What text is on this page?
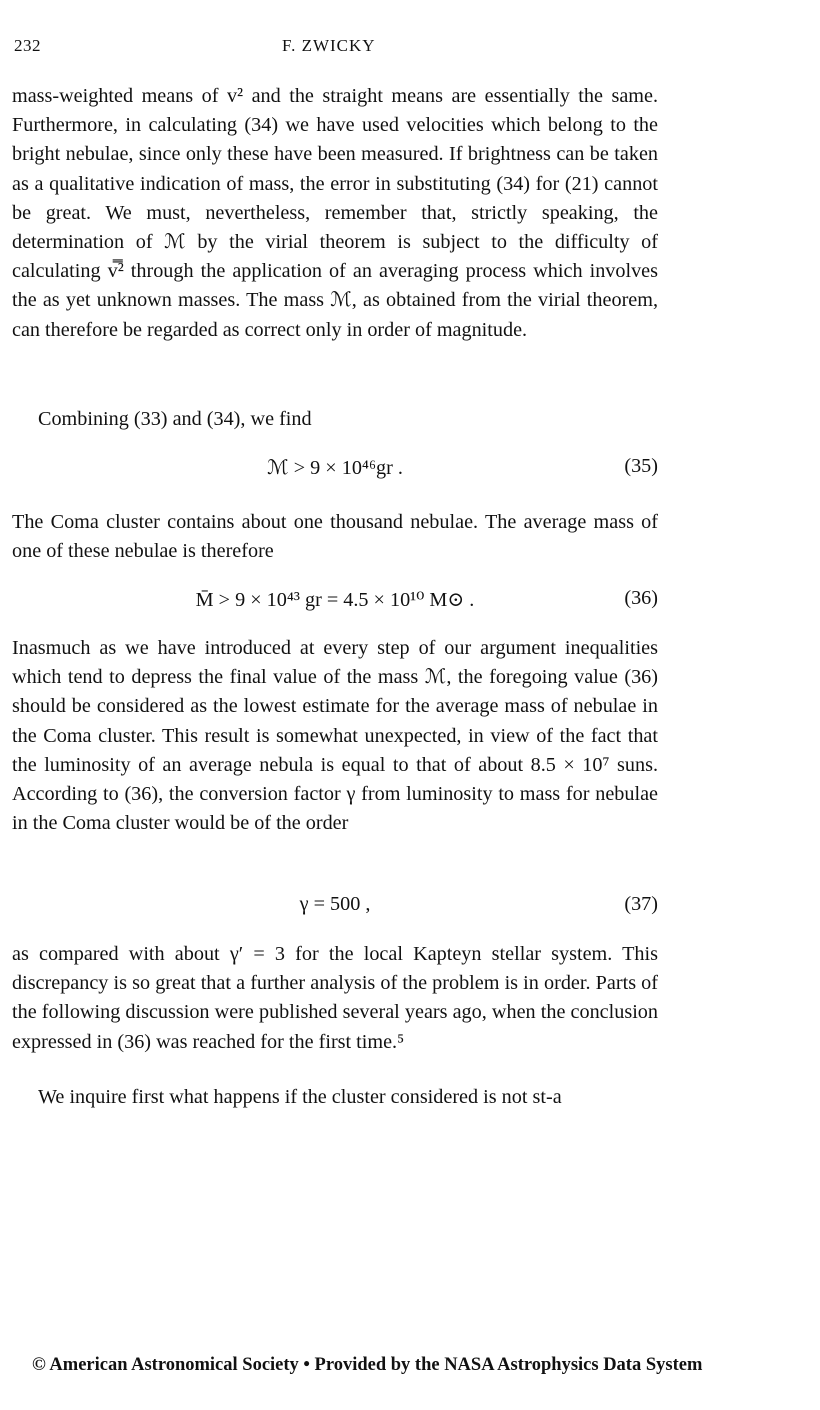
232	F. ZWICKY

mass-weighted means of v² and the straight means are essentially the same. Furthermore, in calculating (34) we have used velocities which belong to the bright nebulae, since only these have been measured. If brightness can be taken as a qualitative indication of mass, the error in substituting (34) for (21) cannot be great. We must, nevertheless, remember that, strictly speaking, the determination of ℳ by the virial theorem is subject to the difficulty of calculating v̿² through the application of an averaging process which involves the as yet unknown masses. The mass ℳ, as obtained from the virial theorem, can therefore be regarded as correct only in order of magnitude.

Combining (33) and (34), we find

ℳ > 9 × 10⁴⁶gr .	(35)

The Coma cluster contains about one thousand nebulae. The average mass of one of these nebulae is therefore

M̄ > 9 × 10⁴³ gr = 4.5 × 10¹⁰ M⊙ .	(36)

Inasmuch as we have introduced at every step of our argument inequalities which tend to depress the final value of the mass ℳ, the foregoing value (36) should be considered as the lowest estimate for the average mass of nebulae in the Coma cluster. This result is somewhat unexpected, in view of the fact that the luminosity of an average nebula is equal to that of about 8.5 × 10⁷ suns. According to (36), the conversion factor γ from luminosity to mass for nebulae in the Coma cluster would be of the order

γ = 500 ,	(37)

as compared with about γ′ = 3 for the local Kapteyn stellar system. This discrepancy is so great that a further analysis of the problem is in order. Parts of the following discussion were published several years ago, when the conclusion expressed in (36) was reached for the first time.⁵

We inquire first what happens if the cluster considered is not st-a

© American Astronomical Society • Provided by the NASA Astrophysics Data System
